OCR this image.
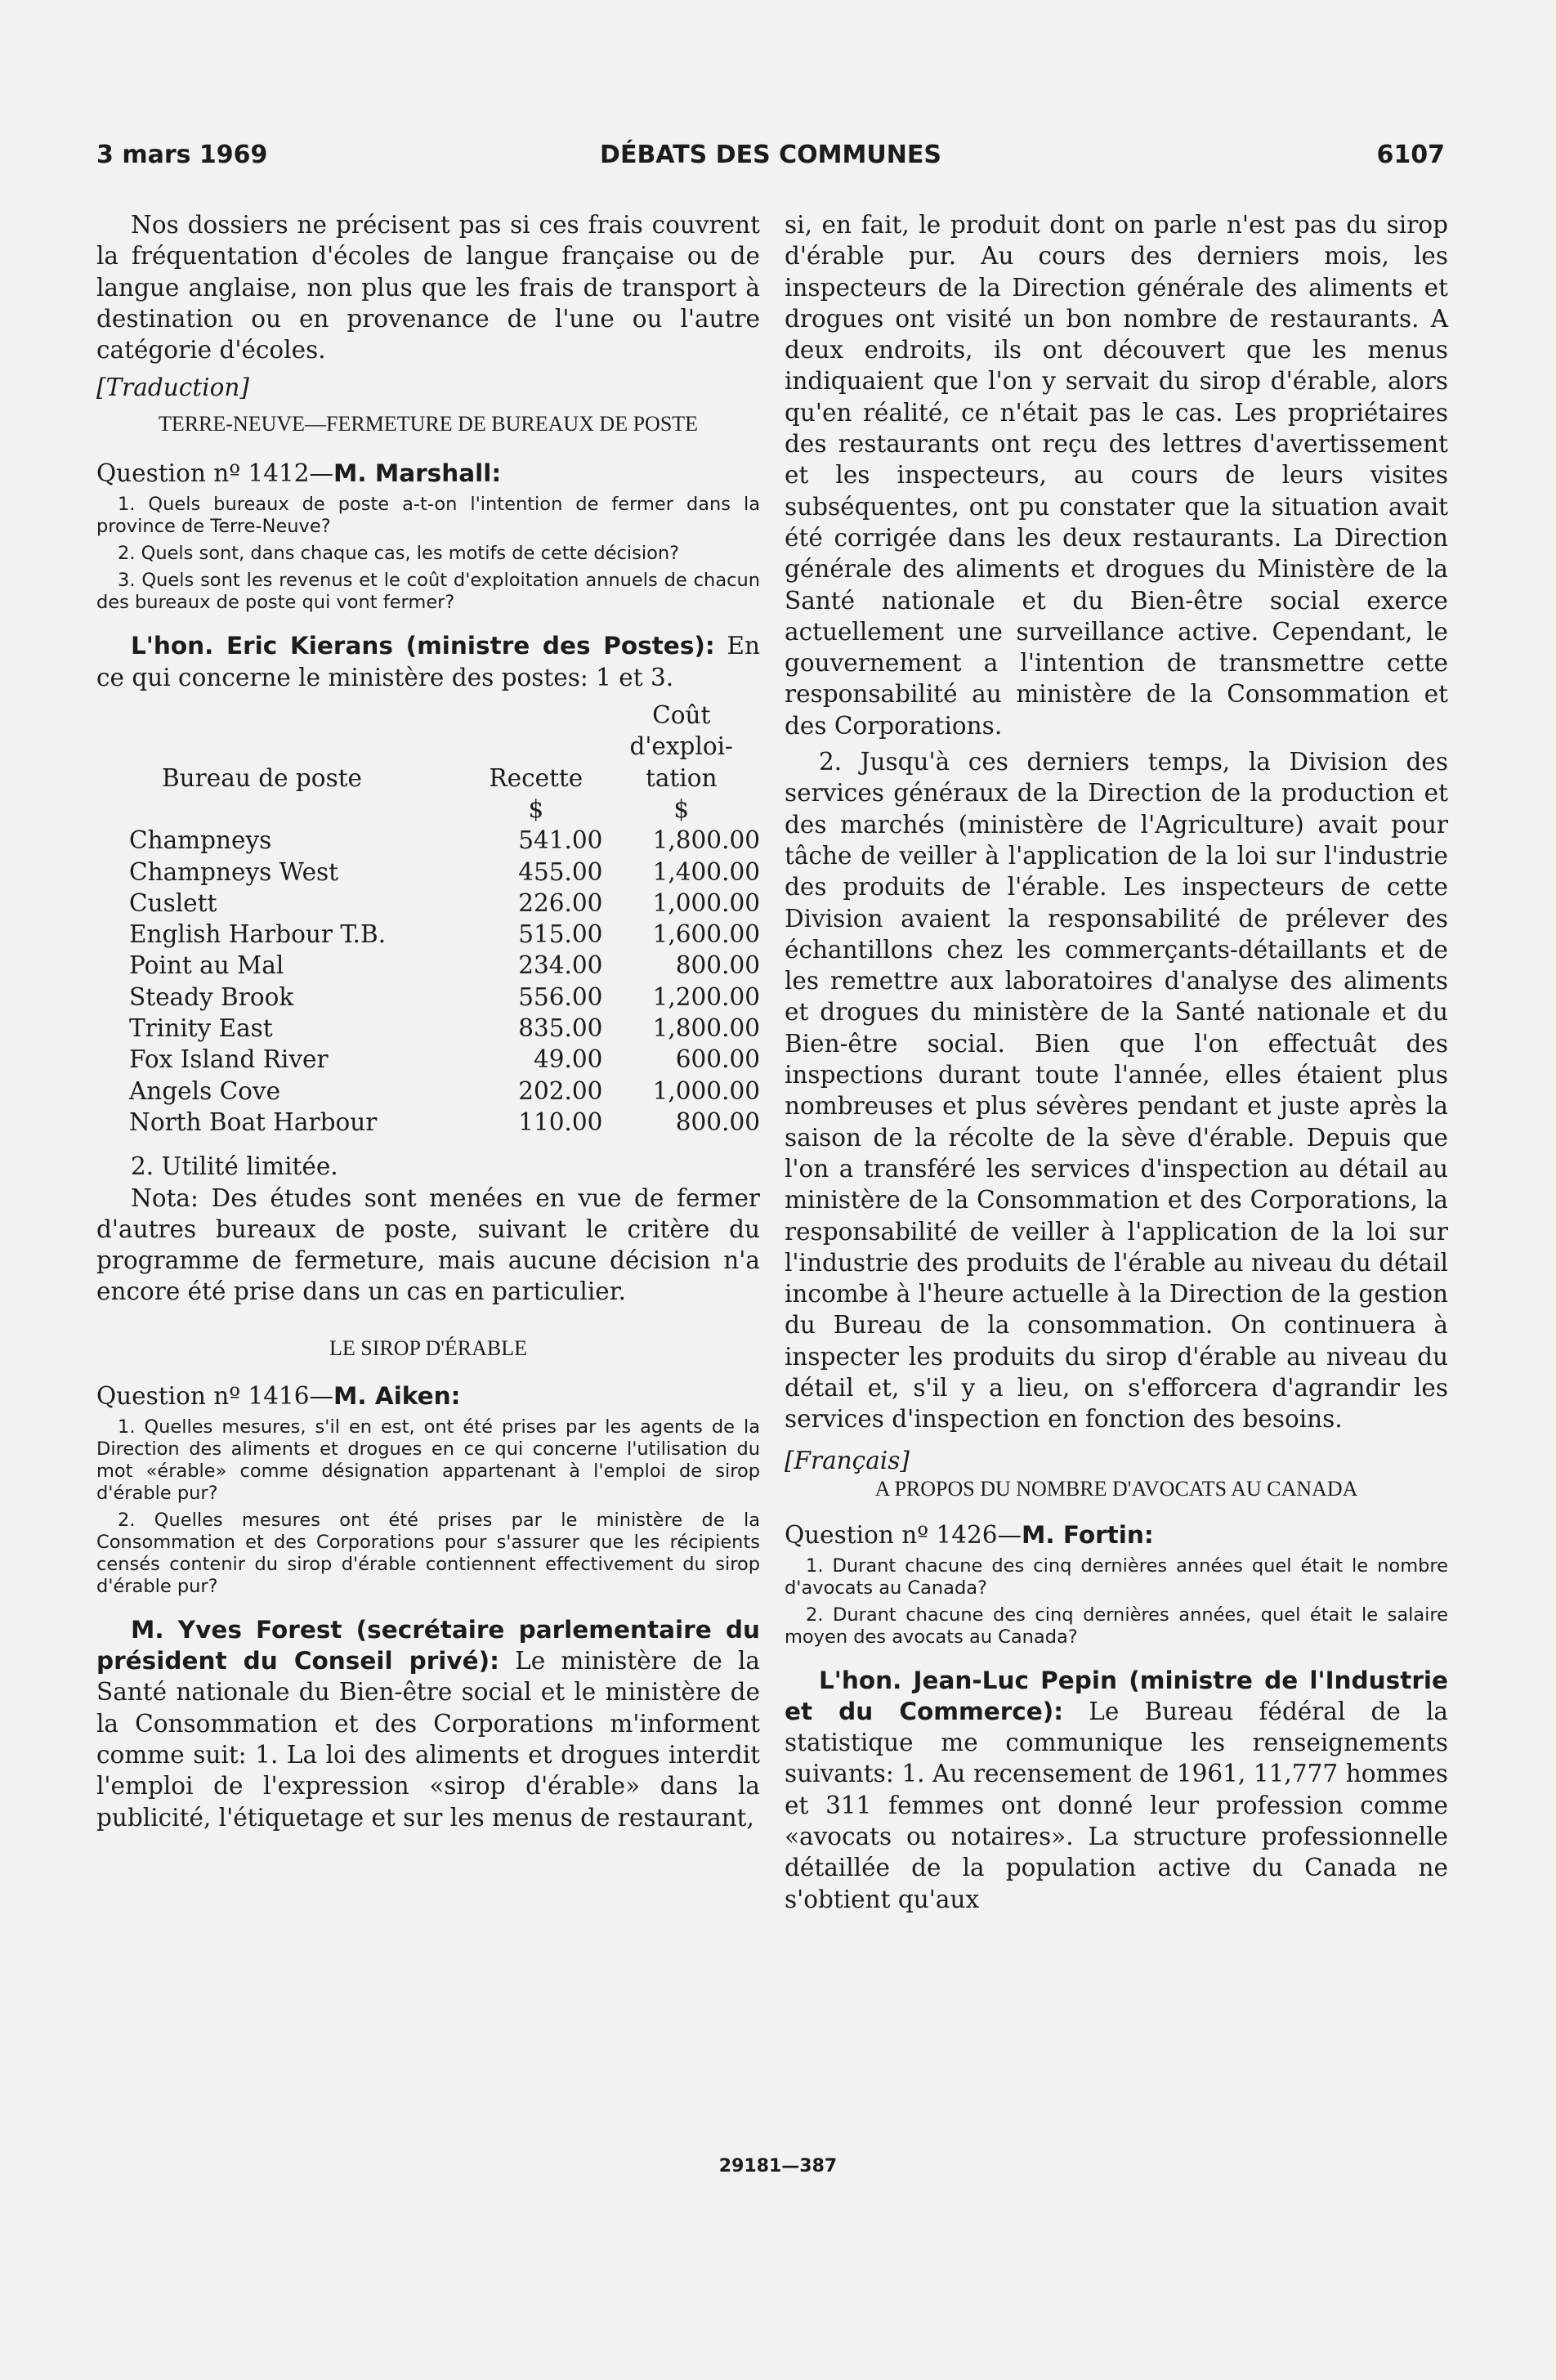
3 mars 1969	DÉBATS DES COMMUNES	6107

Nos dossiers ne précisent pas si ces frais couvrent la fréquentation d'écoles de langue française ou de langue anglaise, non plus que les frais de transport à destination ou en provenance de l'une ou l'autre catégorie d'écoles.

[Traduction]

TERRE-NEUVE—FERMETURE DE BUREAUX DE POSTE

Question nº 1412—M. Marshall:

1. Quels bureaux de poste a-t-on l'intention de fermer dans la province de Terre-Neuve?

2. Quels sont, dans chaque cas, les motifs de cette décision?

3. Quels sont les revenus et le coût d'exploitation annuels de chacun des bureaux de poste qui vont fermer?

L'hon. Eric Kierans (ministre des Postes): En ce qui concerne le ministère des postes: 1 et 3.

		Coût
		d'exploi-
Bureau de poste	Recette	tation
	$	$
Champneys	541.00	1,800.00
Champneys West	455.00	1,400.00
Cuslett	226.00	1,000.00
English Harbour T.B.	515.00	1,600.00
Point au Mal	234.00	800.00
Steady Brook	556.00	1,200.00
Trinity East	835.00	1,800.00
Fox Island River	49.00	600.00
Angels Cove	202.00	1,000.00
North Boat Harbour	110.00	800.00

2. Utilité limitée.

Nota: Des études sont menées en vue de fermer d'autres bureaux de poste, suivant le critère du programme de fermeture, mais aucune décision n'a encore été prise dans un cas en particulier.

LE SIROP D'ÉRABLE

Question nº 1416—M. Aiken:

1. Quelles mesures, s'il en est, ont été prises par les agents de la Direction des aliments et drogues en ce qui concerne l'utilisation du mot «érable» comme désignation appartenant à l'emploi de sirop d'érable pur?

2. Quelles mesures ont été prises par le ministère de la Consommation et des Corporations pour s'assurer que les récipients censés contenir du sirop d'érable contiennent effectivement du sirop d'érable pur?

M. Yves Forest (secrétaire parlementaire du président du Conseil privé): Le ministère de la Santé nationale du Bien-être social et le ministère de la Consommation et des Corporations m'informent comme suit: 1. La loi des aliments et drogues interdit l'emploi de l'expression «sirop d'érable» dans la publicité, l'étiquetage et sur les menus de restaurant,

si, en fait, le produit dont on parle n'est pas du sirop d'érable pur. Au cours des derniers mois, les inspecteurs de la Direction générale des aliments et drogues ont visité un bon nombre de restaurants. A deux endroits, ils ont découvert que les menus indiquaient que l'on y servait du sirop d'érable, alors qu'en réalité, ce n'était pas le cas. Les propriétaires des restaurants ont reçu des lettres d'avertissement et les inspecteurs, au cours de leurs visites subséquentes, ont pu constater que la situation avait été corrigée dans les deux restaurants. La Direction générale des aliments et drogues du Ministère de la Santé nationale et du Bien-être social exerce actuellement une surveillance active. Cependant, le gouvernement a l'intention de transmettre cette responsabilité au ministère de la Consommation et des Corporations.

2. Jusqu'à ces derniers temps, la Division des services généraux de la Direction de la production et des marchés (ministère de l'Agriculture) avait pour tâche de veiller à l'application de la loi sur l'industrie des produits de l'érable. Les inspecteurs de cette Division avaient la responsabilité de prélever des échantillons chez les commerçants-détaillants et de les remettre aux laboratoires d'analyse des aliments et drogues du ministère de la Santé nationale et du Bien-être social. Bien que l'on effectuât des inspections durant toute l'année, elles étaient plus nombreuses et plus sévères pendant et juste après la saison de la récolte de la sève d'érable. Depuis que l'on a transféré les services d'inspection au détail au ministère de la Consommation et des Corporations, la responsabilité de veiller à l'application de la loi sur l'industrie des produits de l'érable au niveau du détail incombe à l'heure actuelle à la Direction de la gestion du Bureau de la consommation. On continuera à inspecter les produits du sirop d'érable au niveau du détail et, s'il y a lieu, on s'efforcera d'agrandir les services d'inspection en fonction des besoins.

[Français]

A PROPOS DU NOMBRE D'AVOCATS AU CANADA

Question nº 1426—M. Fortin:

1. Durant chacune des cinq dernières années quel était le nombre d'avocats au Canada?

2. Durant chacune des cinq dernières années, quel était le salaire moyen des avocats au Canada?

L'hon. Jean-Luc Pepin (ministre de l'Industrie et du Commerce): Le Bureau fédéral de la statistique me communique les renseignements suivants: 1. Au recensement de 1961, 11,777 hommes et 311 femmes ont donné leur profession comme «avocats ou notaires». La structure professionnelle détaillée de la population active du Canada ne s'obtient qu'aux

29181—387
